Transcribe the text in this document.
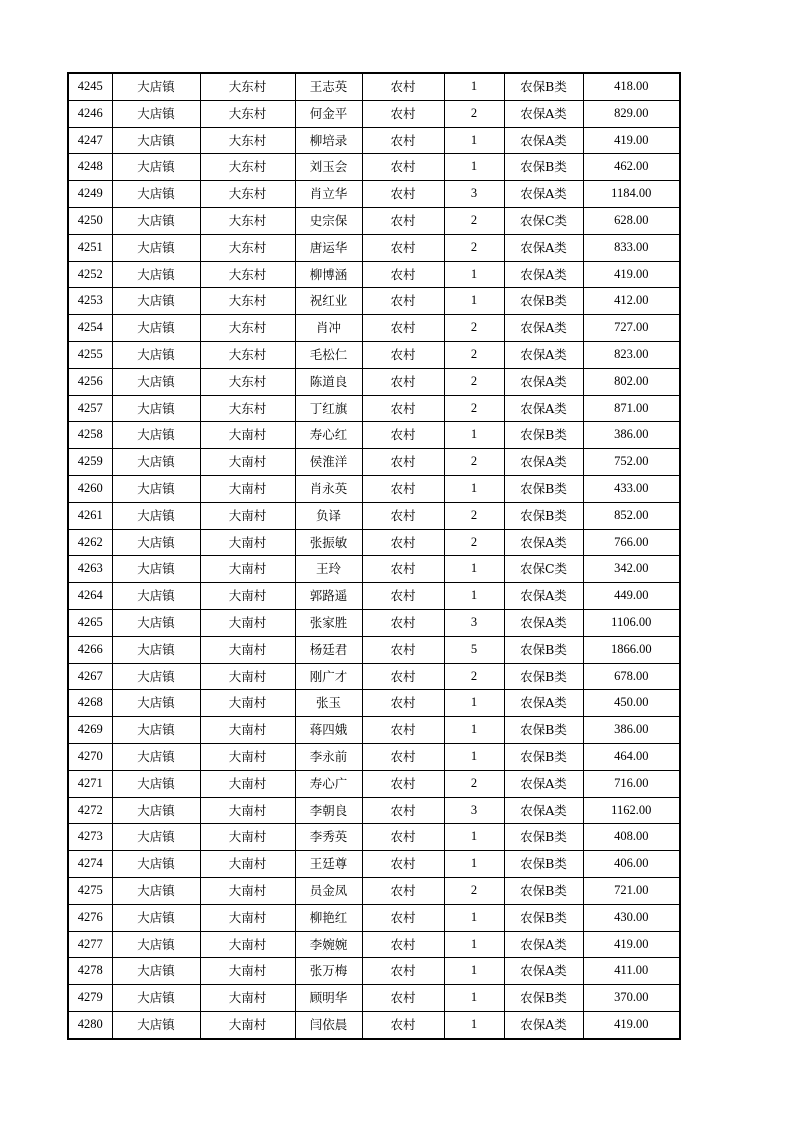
4245	大店镇	大东村	王志英	农村	1	农保B类	418.00
4246	大店镇	大东村	何金平	农村	2	农保A类	829.00
4247	大店镇	大东村	柳培录	农村	1	农保A类	419.00
4248	大店镇	大东村	刘玉会	农村	1	农保B类	462.00
4249	大店镇	大东村	肖立华	农村	3	农保A类	1184.00
4250	大店镇	大东村	史宗保	农村	2	农保C类	628.00
4251	大店镇	大东村	唐运华	农村	2	农保A类	833.00
4252	大店镇	大东村	柳博涵	农村	1	农保A类	419.00
4253	大店镇	大东村	祝红业	农村	1	农保B类	412.00
4254	大店镇	大东村	肖冲	农村	2	农保A类	727.00
4255	大店镇	大东村	毛松仁	农村	2	农保A类	823.00
4256	大店镇	大东村	陈道良	农村	2	农保A类	802.00
4257	大店镇	大东村	丁红旗	农村	2	农保A类	871.00
4258	大店镇	大南村	寿心红	农村	1	农保B类	386.00
4259	大店镇	大南村	侯淮洋	农村	2	农保A类	752.00
4260	大店镇	大南村	肖永英	农村	1	农保B类	433.00
4261	大店镇	大南村	负译	农村	2	农保B类	852.00
4262	大店镇	大南村	张振敏	农村	2	农保A类	766.00
4263	大店镇	大南村	王玲	农村	1	农保C类	342.00
4264	大店镇	大南村	郭路遥	农村	1	农保A类	449.00
4265	大店镇	大南村	张家胜	农村	3	农保A类	1106.00
4266	大店镇	大南村	杨廷君	农村	5	农保B类	1866.00
4267	大店镇	大南村	刚广才	农村	2	农保B类	678.00
4268	大店镇	大南村	张玉	农村	1	农保A类	450.00
4269	大店镇	大南村	蒋四娥	农村	1	农保B类	386.00
4270	大店镇	大南村	李永前	农村	1	农保B类	464.00
4271	大店镇	大南村	寿心广	农村	2	农保A类	716.00
4272	大店镇	大南村	李朝良	农村	3	农保A类	1162.00
4273	大店镇	大南村	李秀英	农村	1	农保B类	408.00
4274	大店镇	大南村	王廷尊	农村	1	农保B类	406.00
4275	大店镇	大南村	员金凤	农村	2	农保B类	721.00
4276	大店镇	大南村	柳艳红	农村	1	农保B类	430.00
4277	大店镇	大南村	李婉婉	农村	1	农保A类	419.00
4278	大店镇	大南村	张万梅	农村	1	农保A类	411.00
4279	大店镇	大南村	顾明华	农村	1	农保B类	370.00
4280	大店镇	大南村	闫依晨	农村	1	农保A类	419.00
